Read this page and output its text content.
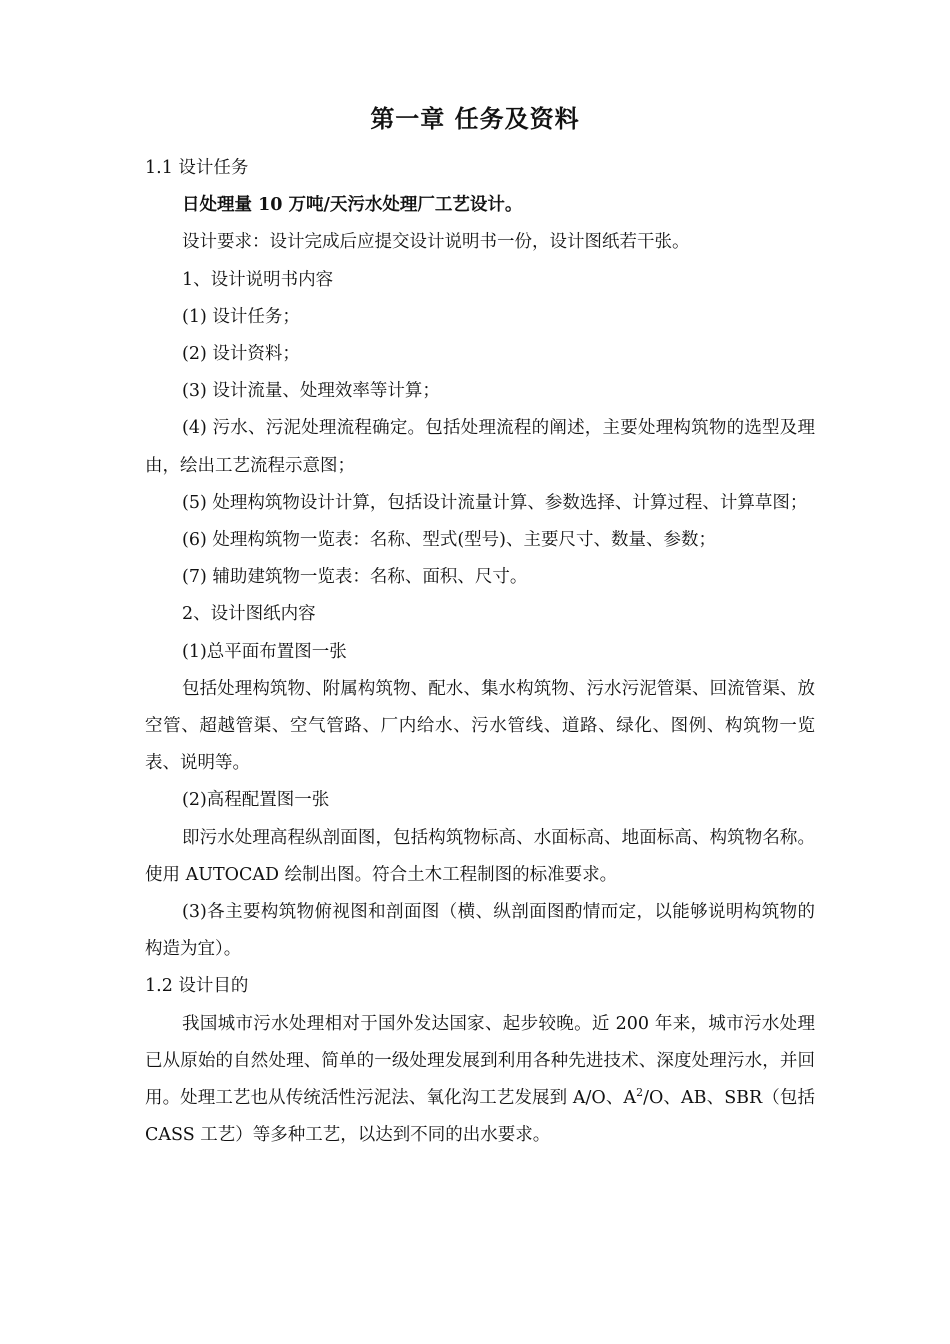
第一章 任务及资料

1.1 设计任务

日处理量 10 万吨/天污水处理厂工艺设计。

设计要求：设计完成后应提交设计说明书一份，设计图纸若干张。

1、设计说明书内容

(1) 设计任务；

(2) 设计资料；

(3) 设计流量、处理效率等计算；

(4) 污水、污泥处理流程确定。包括处理流程的阐述，主要处理构筑物的选型及理由，绘出工艺流程示意图；

(5) 处理构筑物设计计算，包括设计流量计算、参数选择、计算过程、计算草图；

(6) 处理构筑物一览表：名称、型式(型号)、主要尺寸、数量、参数；

(7) 辅助建筑物一览表：名称、面积、尺寸。

2、设计图纸内容

(1)总平面布置图一张

包括处理构筑物、附属构筑物、配水、集水构筑物、污水污泥管渠、回流管渠、放空管、超越管渠、空气管路、厂内给水、污水管线、道路、绿化、图例、构筑物一览表、说明等。

(2)高程配置图一张

即污水处理高程纵剖面图，包括构筑物标高、水面标高、地面标高、构筑物名称。使用 AUTOCAD 绘制出图。符合土木工程制图的标准要求。

(3)各主要构筑物俯视图和剖面图（横、纵剖面图酌情而定，以能够说明构筑物的构造为宜）。

1.2 设计目的

我国城市污水处理相对于国外发达国家、起步较晚。近 200 年来，城市污水处理已从原始的自然处理、简单的一级处理发展到利用各种先进技术、深度处理污水，并回用。处理工艺也从传统活性污泥法、氧化沟工艺发展到 A/O、$A^2/O$、AB、SBR（包括 CASS 工艺）等多种工艺，以达到不同的出水要求。
